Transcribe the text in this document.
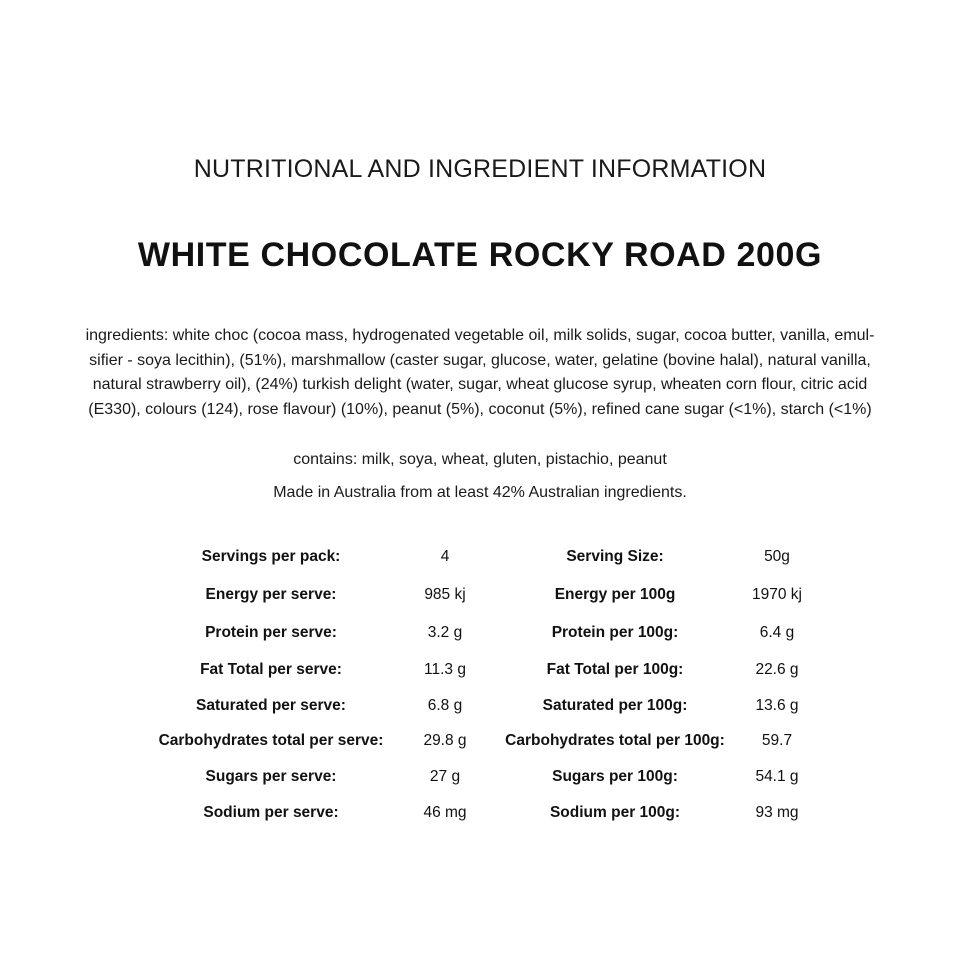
NUTRITIONAL AND INGREDIENT INFORMATION
WHITE CHOCOLATE ROCKY ROAD 200G
ingredients: white choc (cocoa mass, hydrogenated vegetable oil, milk solids, sugar, cocoa butter, vanilla, emul-
sifier - soya lecithin), (51%), marshmallow (caster sugar, glucose, water, gelatine (bovine halal), natural vanilla,
natural strawberry oil), (24%) turkish delight (water, sugar, wheat glucose syrup, wheaten corn flour, citric acid
(E330), colours (124), rose flavour) (10%), peanut (5%), coconut (5%), refined cane sugar (<1%), starch (<1%)
contains: milk, soya, wheat, gluten, pistachio, peanut
Made in Australia from at least 42% Australian ingredients.
Servings per pack:	4	Serving Size:	50g
Energy per serve:	985 kj	Energy per 100g	1970 kj
Protein per serve:	3.2 g	Protein per 100g:	6.4 g
Fat Total per serve:	11.3 g	Fat Total per 100g:	22.6 g
Saturated per serve:	6.8 g	Saturated per 100g:	13.6 g
Carbohydrates total per serve:	29.8 g Carbohydrates total per 100g: 59.7
Sugars per serve:	27 g	Sugars per 100g:	54.1 g
Sodium per serve:	46 mg	Sodium per 100g:	93 mg
